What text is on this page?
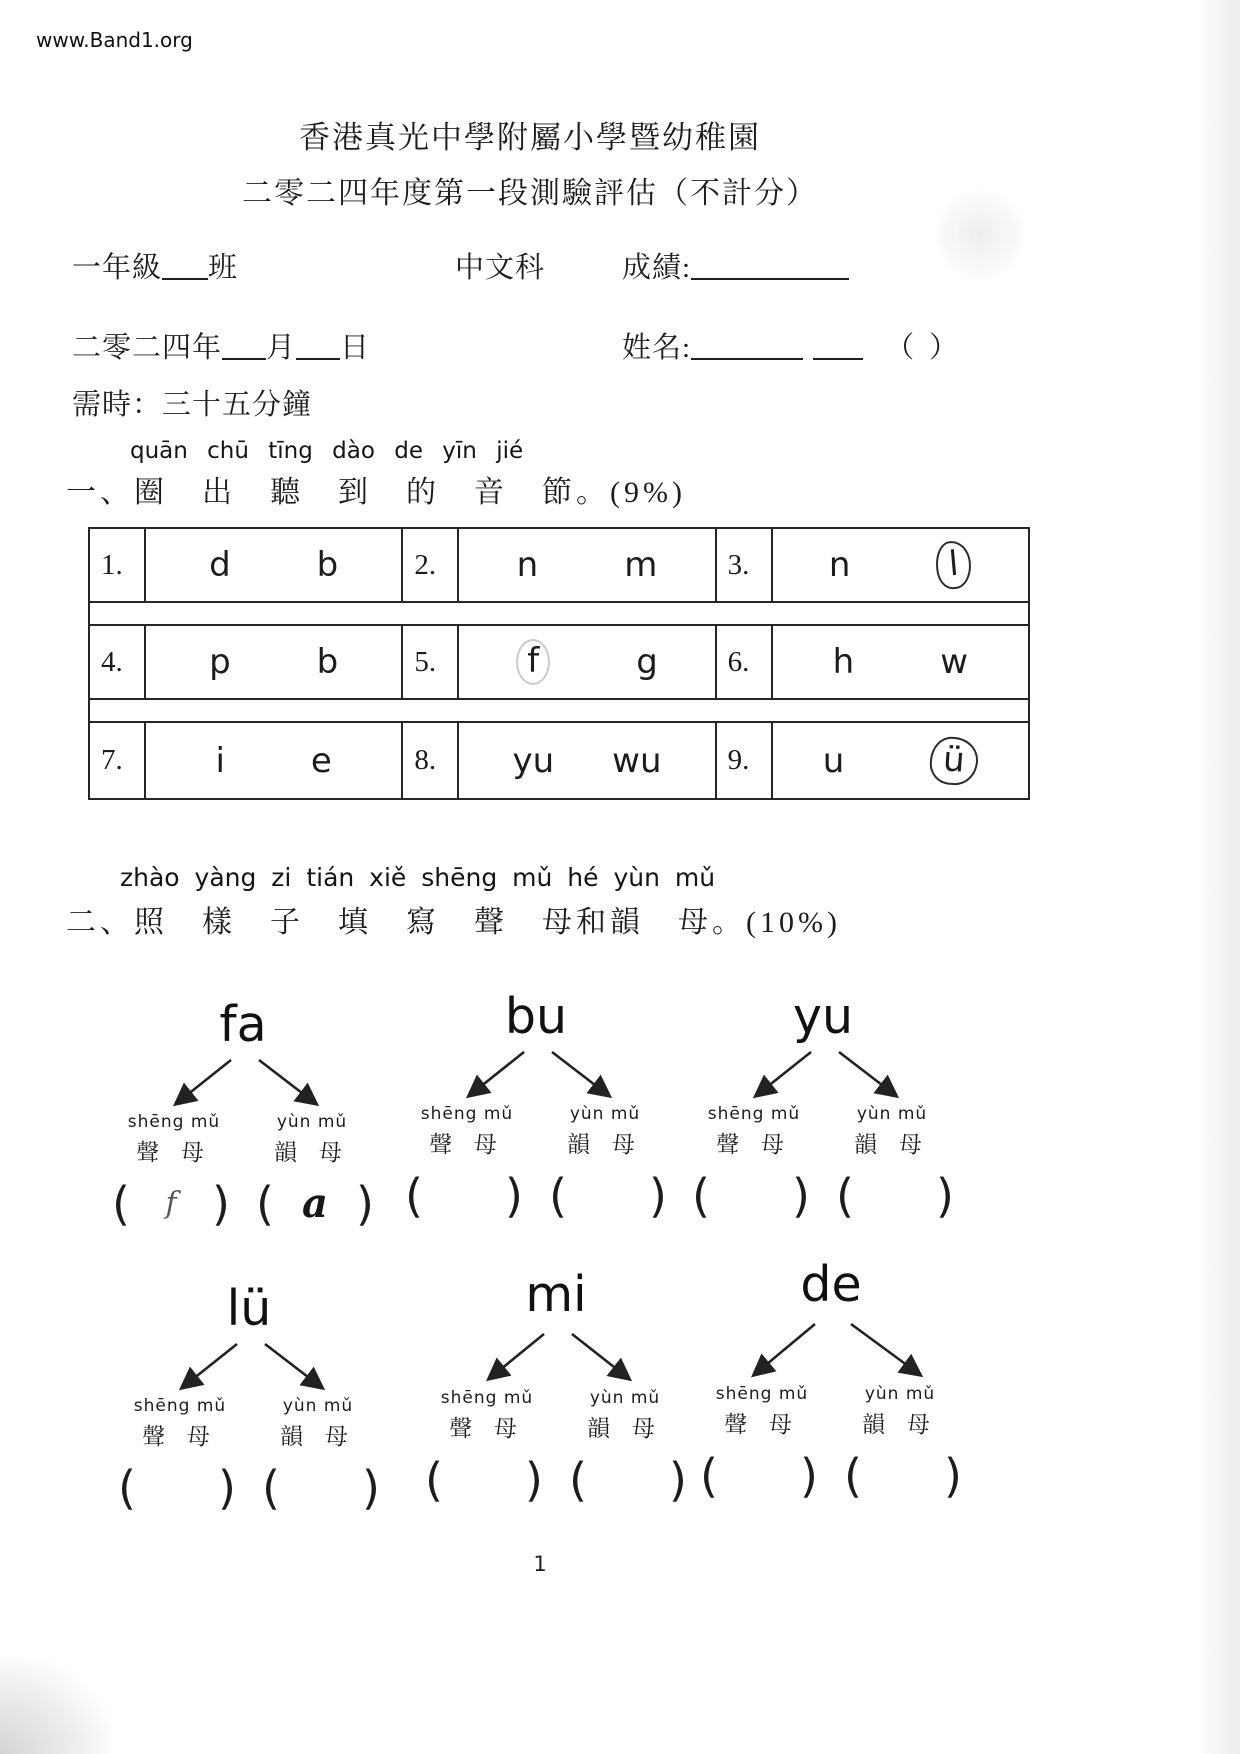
www.Band1.org
香港真光中學附屬小學暨幼稚園
二零二四年度第一段測驗評估（不計分）
一年級 班	中文科	成績:
二零二四年 月 日	姓名:	（ ）
需時：三十五分鐘
quān chū tīng dào de yīn jié
一、圈　出　聽　到　的　音　節。(9%)
1.	d	b	2.	n	m	3.	n	l
4.	p	b	5.	f	g	6.	h	w
7.	i	e	8.	yu wu	9.	u	ü
zhào yàng zi tián xiě shēng mǔ hé yùn mǔ
二、照　樣　子　填　寫　聲　母和韻　母。(10%)
fa
shēng mǔ
聲 母
yùn mǔ
韻 母
(	f ) ( a )
bu
shēng mǔ
聲 母
yùn mǔ
韻 母
( ) ( )
yu
shēng mǔ
聲 母
yùn mǔ
韻 母
( ) ( )
lü
shēng mǔ
聲 母
yùn mǔ
韻 母
( ) ( )
mi
shēng mǔ
聲 母
yùn mǔ
韻 母
( ) ( )
de
shēng mǔ
聲 母
yùn mǔ
韻 母
( ) ( )
1
